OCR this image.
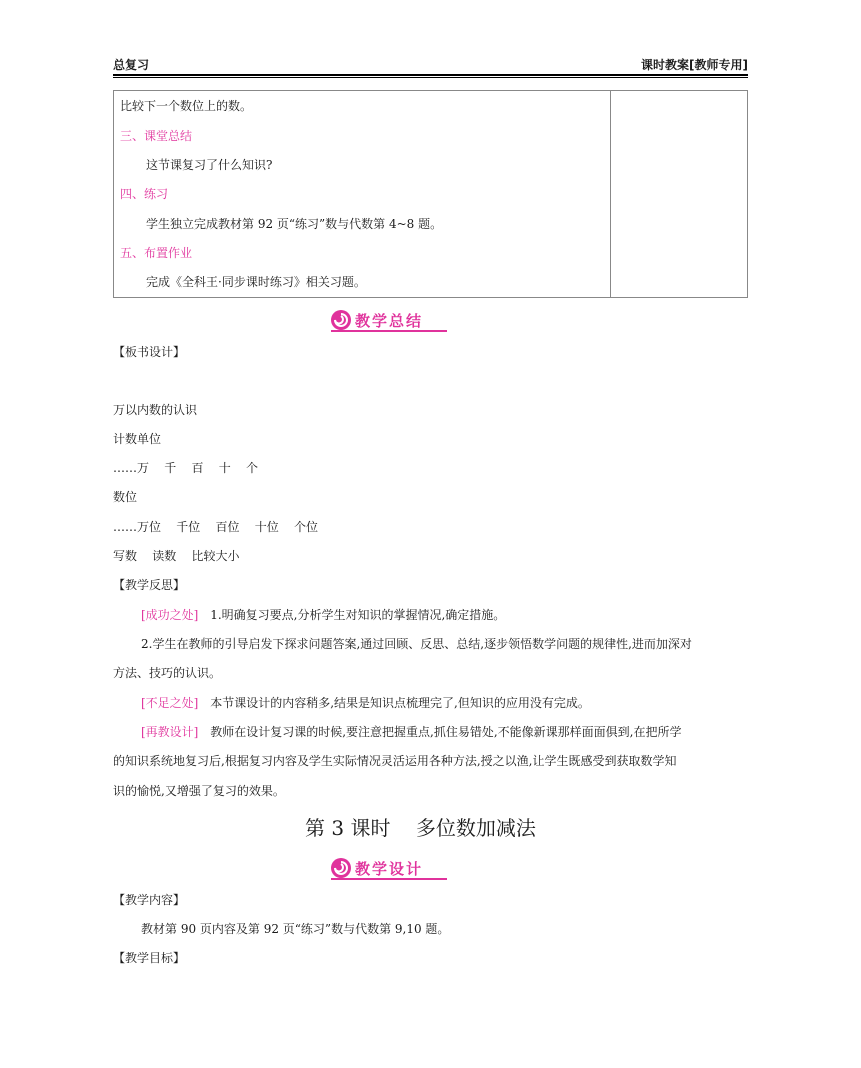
总复习	课时教案[教师专用]
比较下一个数位上的数。
三、课堂总结
这节课复习了什么知识?
四、练习
学生独立完成教材第 92 页“练习”数与代数第 4~8 题。
五、布置作业
完成《全科王·同步课时练习》相关习题。

教学总结
【板书设计】
万以内数的认识
计数单位
……万    千    百    十    个
数位
……万位    千位    百位    十位    个位
写数    读数    比较大小
【教学反思】
[成功之处] 1.明确复习要点,分析学生对知识的掌握情况,确定措施。
2.学生在教师的引导启发下探求问题答案,通过回顾、反思、总结,逐步领悟数学问题的规律性,进而加深对
方法、技巧的认识。
[不足之处] 本节课设计的内容稍多,结果是知识点梳理完了,但知识的应用没有完成。
[再教设计] 教师在设计复习课的时候,要注意把握重点,抓住易错处,不能像新课那样面面俱到,在把所学
的知识系统地复习后,根据复习内容及学生实际情况灵活运用各种方法,授之以渔,让学生既感受到获取数学知
识的愉悦,又增强了复习的效果。
第 3 课时    多位数加减法
教学设计
【教学内容】
教材第 90 页内容及第 92 页“练习”数与代数第 9,10 题。
【教学目标】
